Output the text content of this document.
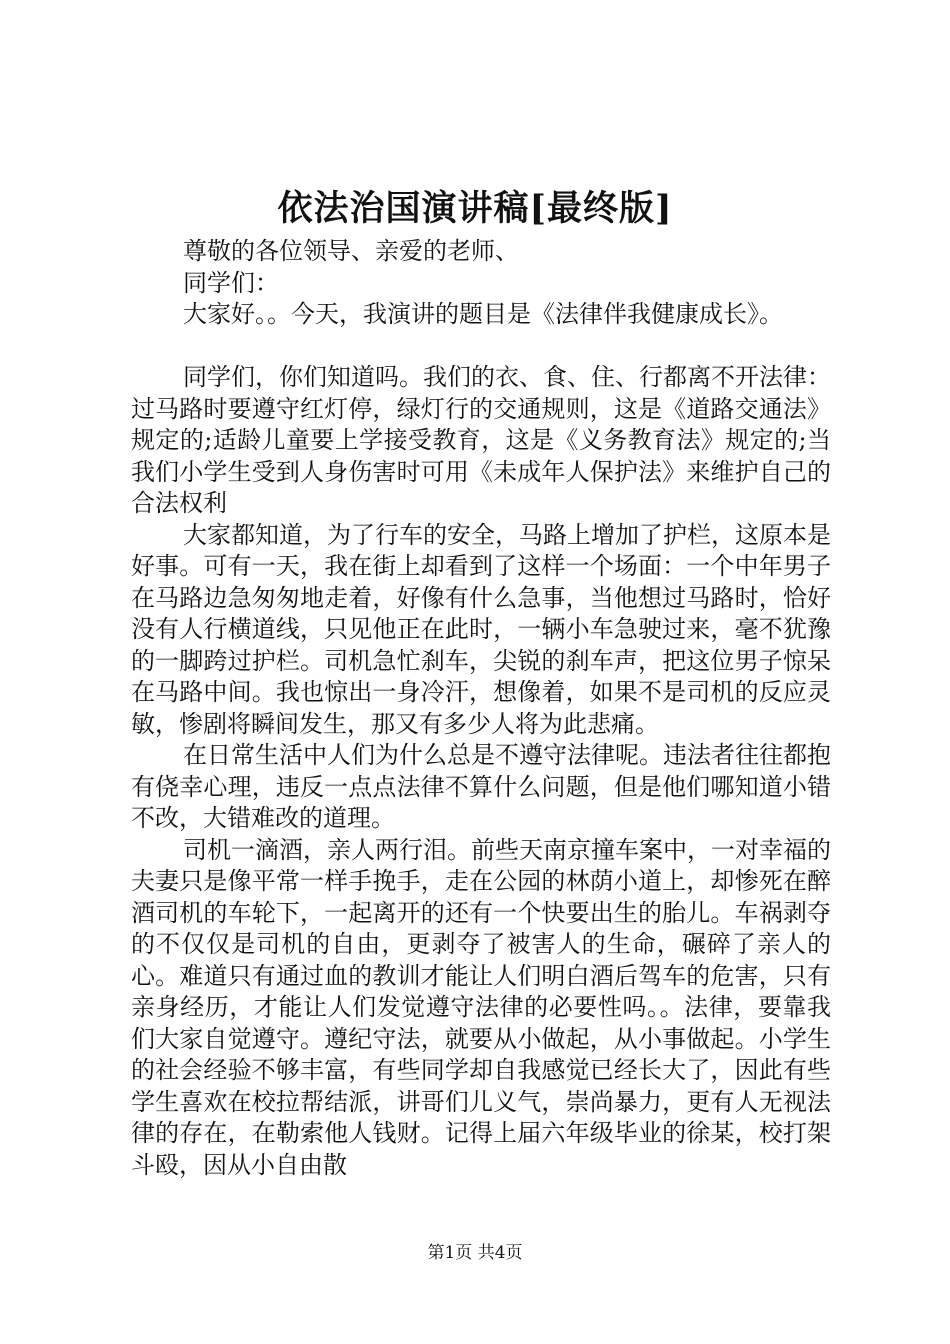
依法治国演讲稿[最终版]

尊敬的各位领导、亲爱的老师、

同学们：

大家好。。今天，我演讲的题目是《法律伴我健康成长》。

同学们，你们知道吗。我们的衣、食、住、行都离不开法律：过马路时要遵守红灯停，绿灯行的交通规则，这是《道路交通法》规定的;适龄儿童要上学接受教育，这是《义务教育法》规定的;当我们小学生受到人身伤害时可用《未成年人保护法》来维护自己的合法权利

大家都知道，为了行车的安全，马路上增加了护栏，这原本是好事。可有一天，我在街上却看到了这样一个场面：一个中年男子在马路边急匆匆地走着，好像有什么急事，当他想过马路时，恰好没有人行横道线，只见他正在此时，一辆小车急驶过来，毫不犹豫的一脚跨过护栏。司机急忙刹车，尖锐的刹车声，把这位男子惊呆在马路中间。我也惊出一身冷汗，想像着，如果不是司机的反应灵敏，惨剧将瞬间发生，那又有多少人将为此悲痛。

在日常生活中人们为什么总是不遵守法律呢。违法者往往都抱有侥幸心理，违反一点点法律不算什么问题，但是他们哪知道小错不改，大错难改的道理。

司机一滴酒，亲人两行泪。前些天南京撞车案中，一对幸福的夫妻只是像平常一样手挽手，走在公园的林荫小道上，却惨死在醉酒司机的车轮下，一起离开的还有一个快要出生的胎儿。车祸剥夺的不仅仅是司机的自由，更剥夺了被害人的生命，碾碎了亲人的心。难道只有通过血的教训才能让人们明白酒后驾车的危害，只有亲身经历，才能让人们发觉遵守法律的必要性吗。。法律，要靠我们大家自觉遵守。遵纪守法，就要从小做起，从小事做起。小学生的社会经验不够丰富，有些同学却自我感觉已经长大了，因此有些学生喜欢在校拉帮结派，讲哥们儿义气，崇尚暴力，更有人无视法律的存在，在勒索他人钱财。记得上届六年级毕业的徐某，校打架斗殴，因从小自由散

第1页 共4页
